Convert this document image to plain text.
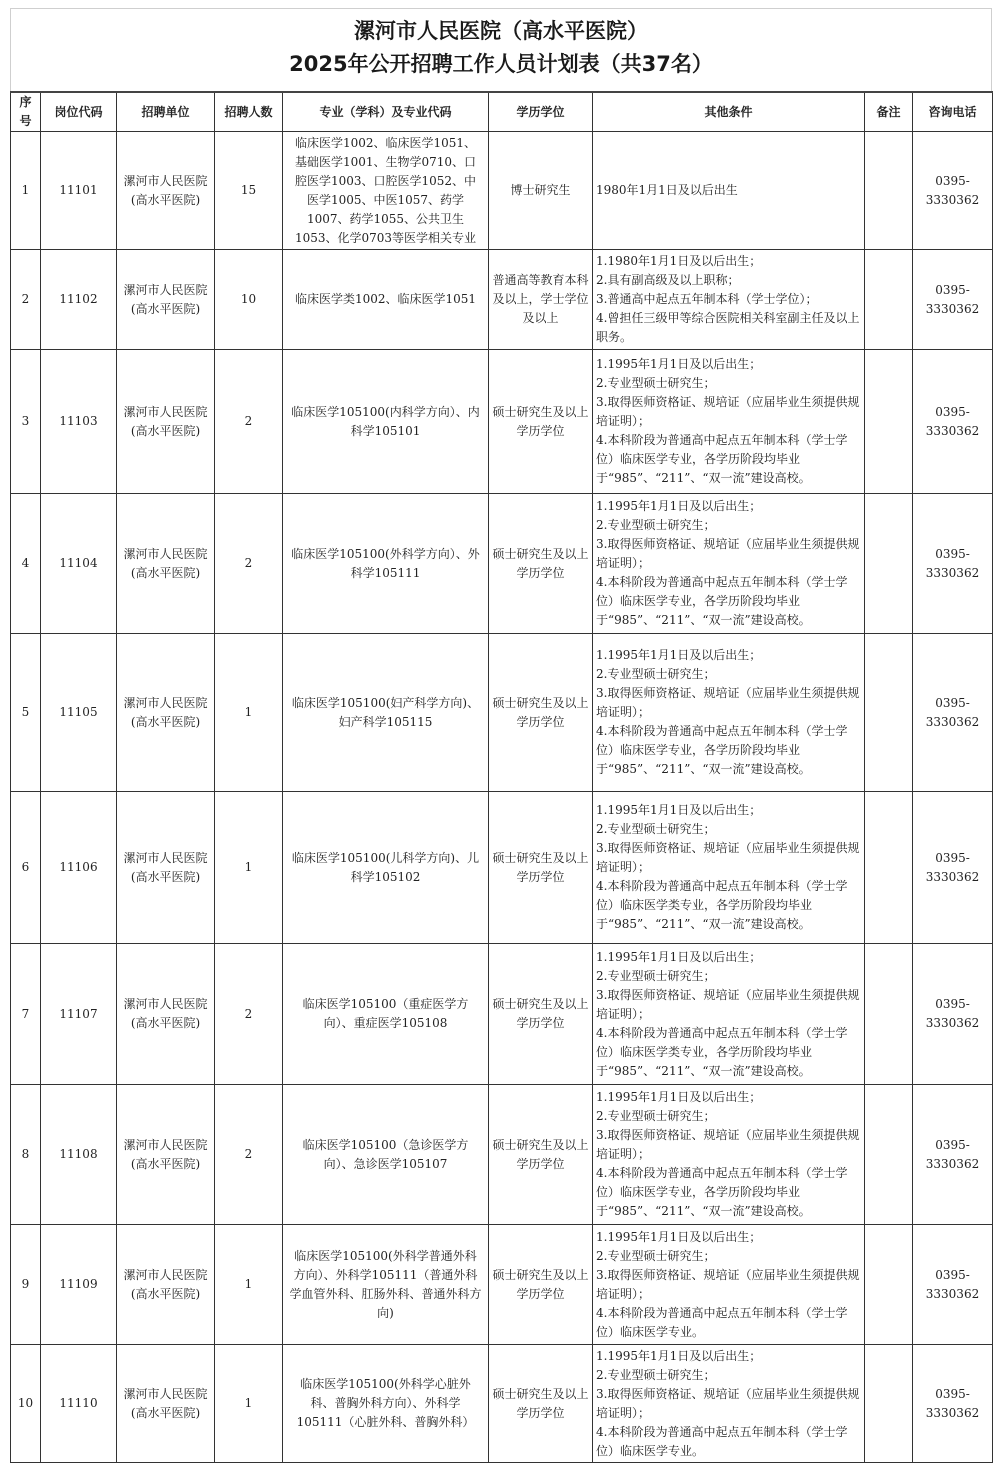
漯河市人民医院（高水平医院）
2025年公开招聘工作人员计划表（共37名）
序号	岗位代码	招聘单位	招聘人数	专业（学科）及专业代码	学历学位	其他条件	备注	咨询电话
1	11101	漯河市人民医院(高水平医院)	15	临床医学1002、临床医学1051、基础医学1001、生物学0710、口腔医学1003、口腔医学1052、中医学1005、中医1057、药学1007、药学1055、公共卫生1053、化学0703等医学相关专业	博士研究生	1980年1月1日及以后出生		0395-3330362
2	11102	漯河市人民医院(高水平医院)	10	临床医学类1002、临床医学1051	普通高等教育本科及以上，学士学位及以上	1.1980年1月1日及以后出生；
2.具有副高级及以上职称；
3.普通高中起点五年制本科（学士学位）；
4.曾担任三级甲等综合医院相关科室副主任及以上职务。		0395-3330362
3	11103	漯河市人民医院(高水平医院)	2	临床医学105100(内科学方向）、内科学105101	硕士研究生及以上学历学位	1.1995年1月1日及以后出生；
2.专业型硕士研究生；
3.取得医师资格证、规培证（应届毕业生须提供规培证明）；
4.本科阶段为普通高中起点五年制本科（学士学位）临床医学专业，各学历阶段均毕业于“985”、“211”、“双一流”建设高校。		0395-3330362
4	11104	漯河市人民医院(高水平医院)	2	临床医学105100(外科学方向）、外科学105111	硕士研究生及以上学历学位	1.1995年1月1日及以后出生；
2.专业型硕士研究生；
3.取得医师资格证、规培证（应届毕业生须提供规培证明）；
4.本科阶段为普通高中起点五年制本科（学士学位）临床医学专业，各学历阶段均毕业于“985”、“211”、“双一流”建设高校。		0395-3330362
5	11105	漯河市人民医院(高水平医院)	1	临床医学105100(妇产科学方向)、妇产科学105115	硕士研究生及以上学历学位	1.1995年1月1日及以后出生；
2.专业型硕士研究生；
3.取得医师资格证、规培证（应届毕业生须提供规培证明）；
4.本科阶段为普通高中起点五年制本科（学士学位）临床医学专业，各学历阶段均毕业于“985”、“211”、“双一流”建设高校。		0395-3330362
6	11106	漯河市人民医院(高水平医院)	1	临床医学105100(儿科学方向)、儿科学105102	硕士研究生及以上学历学位	1.1995年1月1日及以后出生；
2.专业型硕士研究生；
3.取得医师资格证、规培证（应届毕业生须提供规培证明）；
4.本科阶段为普通高中起点五年制本科（学士学位）临床医学类专业，各学历阶段均毕业于“985”、“211”、“双一流”建设高校。		0395-3330362
7	11107	漯河市人民医院(高水平医院)	2	临床医学105100（重症医学方向）、重症医学105108	硕士研究生及以上学历学位	1.1995年1月1日及以后出生；
2.专业型硕士研究生；
3.取得医师资格证、规培证（应届毕业生须提供规培证明）；
4.本科阶段为普通高中起点五年制本科（学士学位）临床医学类专业，各学历阶段均毕业于“985”、“211”、“双一流”建设高校。		0395-3330362
8	11108	漯河市人民医院(高水平医院)	2	临床医学105100（急诊医学方向）、急诊医学105107	硕士研究生及以上学历学位	1.1995年1月1日及以后出生；
2.专业型硕士研究生；
3.取得医师资格证、规培证（应届毕业生须提供规培证明）；
4.本科阶段为普通高中起点五年制本科（学士学位）临床医学专业，各学历阶段均毕业于“985”、“211”、“双一流”建设高校。		0395-3330362
9	11109	漯河市人民医院(高水平医院)	1	临床医学105100(外科学普通外科方向）、外科学105111（普通外科学血管外科、肛肠外科、普通外科方向)	硕士研究生及以上学历学位	1.1995年1月1日及以后出生；
2.专业型硕士研究生；
3.取得医师资格证、规培证（应届毕业生须提供规培证明）；
4.本科阶段为普通高中起点五年制本科（学士学位）临床医学专业。		0395-3330362
10	11110	漯河市人民医院(高水平医院)	1	临床医学105100(外科学心脏外科、普胸外科方向）、外科学105111（心脏外科、普胸外科）	硕士研究生及以上学历学位	1.1995年1月1日及以后出生；
2.专业型硕士研究生；
3.取得医师资格证、规培证（应届毕业生须提供规培证明）；
4.本科阶段为普通高中起点五年制本科（学士学位）临床医学专业。		0395-3330362
